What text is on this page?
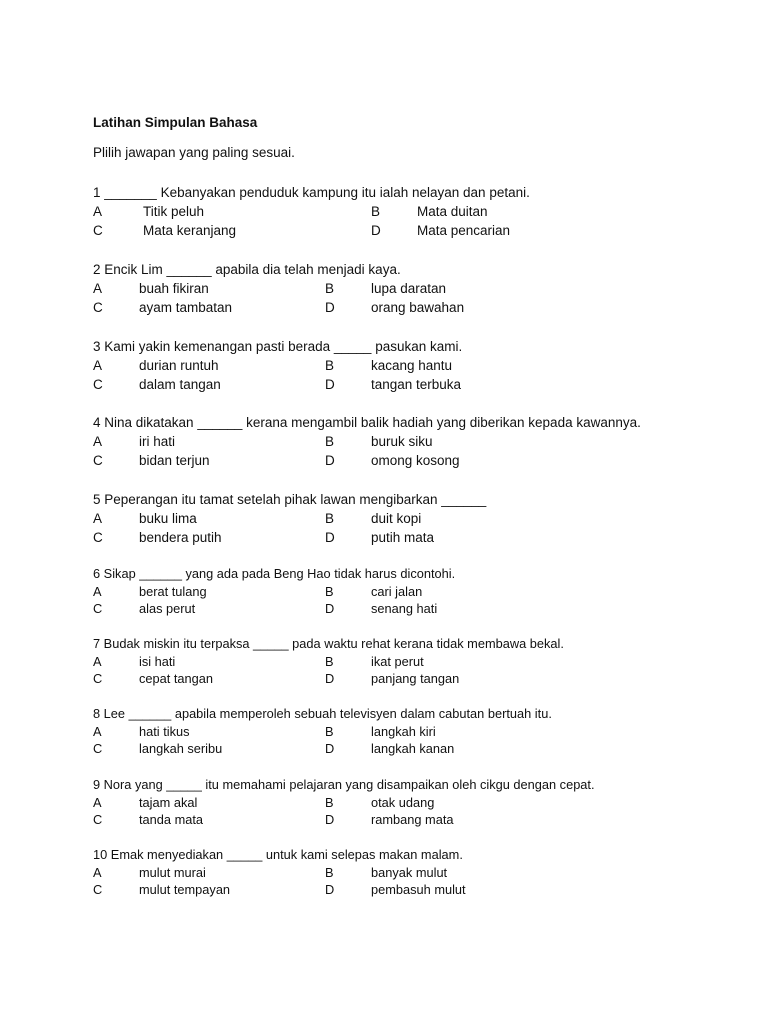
Latihan Simpulan Bahasa
Plilih jawapan yang paling sesuai.
1 _______ Kebanyakan penduduk kampung itu ialah nelayan dan petani.
A	Titik peluh	B	Mata duitan
C	Mata keranjang	D	Mata pencarian
2 Encik Lim ______ apabila dia telah menjadi kaya.
A	buah fikiran	B	lupa daratan
C	ayam tambatan	D	orang bawahan
3 Kami yakin kemenangan pasti berada _____ pasukan kami.
A	durian runtuh	B	kacang hantu
C	dalam tangan	D	tangan terbuka
4 Nina dikatakan ______ kerana mengambil balik hadiah yang diberikan kepada kawannya.
A	iri hati	B	buruk siku
C	bidan terjun	D	omong kosong
5 Peperangan itu tamat setelah pihak lawan mengibarkan ______
A	buku lima	B	duit kopi
C	bendera putih	D	putih mata
6 Sikap ______ yang ada pada Beng Hao tidak harus dicontohi.
A	berat tulang	B	cari jalan
C	alas perut	D	senang hati
7 Budak miskin itu terpaksa _____ pada waktu rehat kerana tidak membawa bekal.
A	isi hati	B	ikat perut
C	cepat tangan	D	panjang tangan
8 Lee ______ apabila memperoleh sebuah televisyen dalam cabutan bertuah itu.
A	hati tikus	B	langkah kiri
C	langkah seribu	D	langkah kanan
9 Nora yang _____ itu memahami pelajaran yang disampaikan oleh cikgu dengan cepat.
A	tajam akal	B	otak udang
C	tanda mata	D	rambang mata
10 Emak menyediakan _____ untuk kami selepas makan malam.
A	mulut murai	B	banyak mulut
C	mulut tempayan	D	pembasuh mulut
